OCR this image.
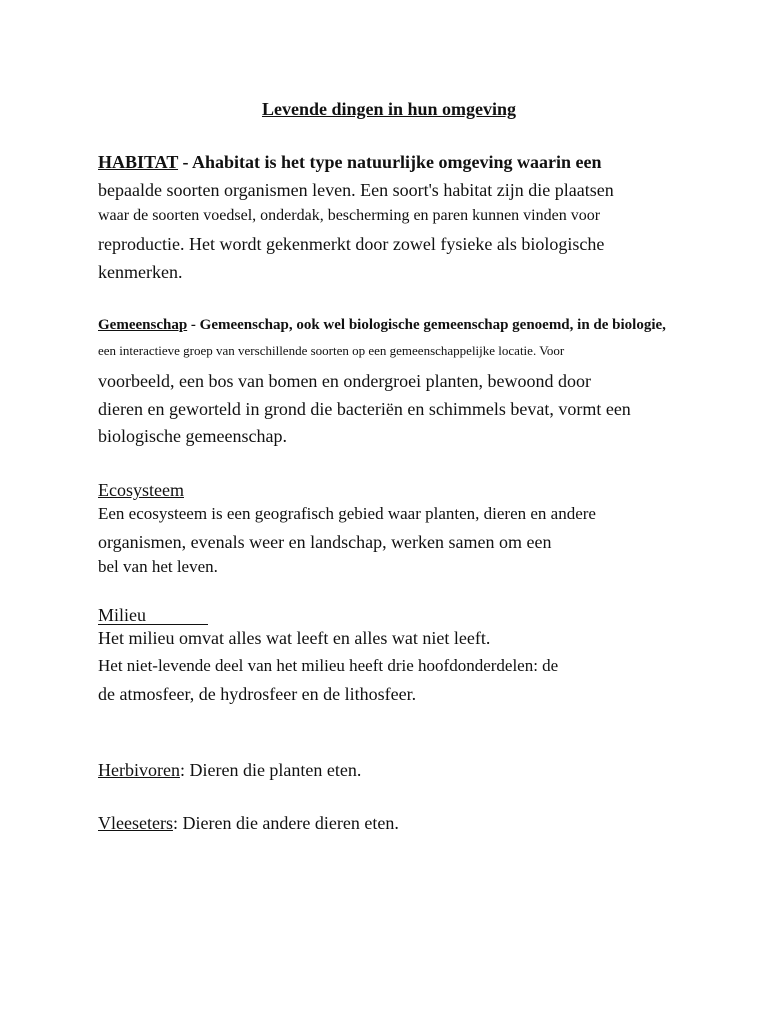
Levende dingen in hun omgeving

HABITAT - Ahabitat is het type natuurlijke omgeving waarin een

bepaalde soorten organismen leven. Een soort's habitat zijn die plaatsen

waar de soorten voedsel, onderdak, bescherming en paren kunnen vinden voor

reproductie. Het wordt gekenmerkt door zowel fysieke als biologische

kenmerken.

Gemeenschap - Gemeenschap, ook wel biologische gemeenschap genoemd, in de biologie,

een interactieve groep van verschillende soorten op een gemeenschappelijke locatie. Voor

voorbeeld, een bos van bomen en ondergroei planten, bewoond door

dieren en geworteld in grond die bacteriën en schimmels bevat, vormt een

biologische gemeenschap.

Ecosysteem

Een ecosysteem is een geografisch gebied waar planten, dieren en andere

organismen, evenals weer en landschap, werken samen om een

bel van het leven.

Milieu

Het milieu omvat alles wat leeft en alles wat niet leeft.

Het niet-levende deel van het milieu heeft drie hoofdonderdelen: de

de atmosfeer, de hydrosfeer en de lithosfeer.

Herbivoren: Dieren die planten eten.

Vleeseters: Dieren die andere dieren eten.
